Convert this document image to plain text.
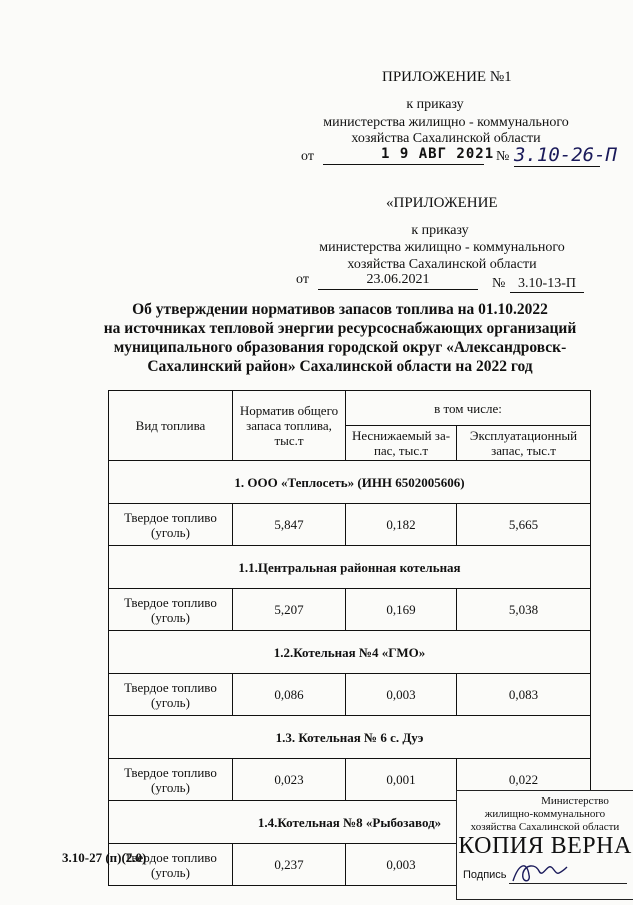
ПРИЛОЖЕНИЕ №1
к приказу
министерства жилищно - коммунального
хозяйства Сахалинской области
от	1 9 АВГ 2021 № 3.10-26-П
«ПРИЛОЖЕНИЕ
к приказу
министерства жилищно - коммунального
хозяйства Сахалинской области
от	23.06.2021	№ 3.10-13-П
Об утверждении нормативов запасов топлива на 01.10.2022
на источниках тепловой энергии ресурсоснабжающих организаций
муниципального образования городской округ «Александровск-
Сахалинский район» Сахалинской области на 2022 год
Вид топлива	Норматив общего запаса топлива, тыс.т	в том числе:	
		Неснижаемый за-пас, тыс.т	Эксплуатационный запас, тыс.т
1. ООО «Теплосеть» (ИНН 6502005606)			
Твердое топливо (уголь)	5,847	0,182	5,665
1.1.Центральная районная котельная			
Твердое топливо (уголь)	5,207	0,169	5,038
1.2.Котельная №4 «ГМО»			
Твердое топливо (уголь)	0,086	0,003	0,083
1.3. Котельная № 6 с. Дуэ			
Твердое топливо (уголь)	0,023	0,001	0,022
1.4.Котельная №8 «Рыбозавод»			
Твердое топливо (уголь)	0,237	0,003	
3.10-27 (п)(2.0)
Министерство
жилищно-коммунального
хозяйства Сахалинской области
КОПИЯ ВЕРНА
Подпись
